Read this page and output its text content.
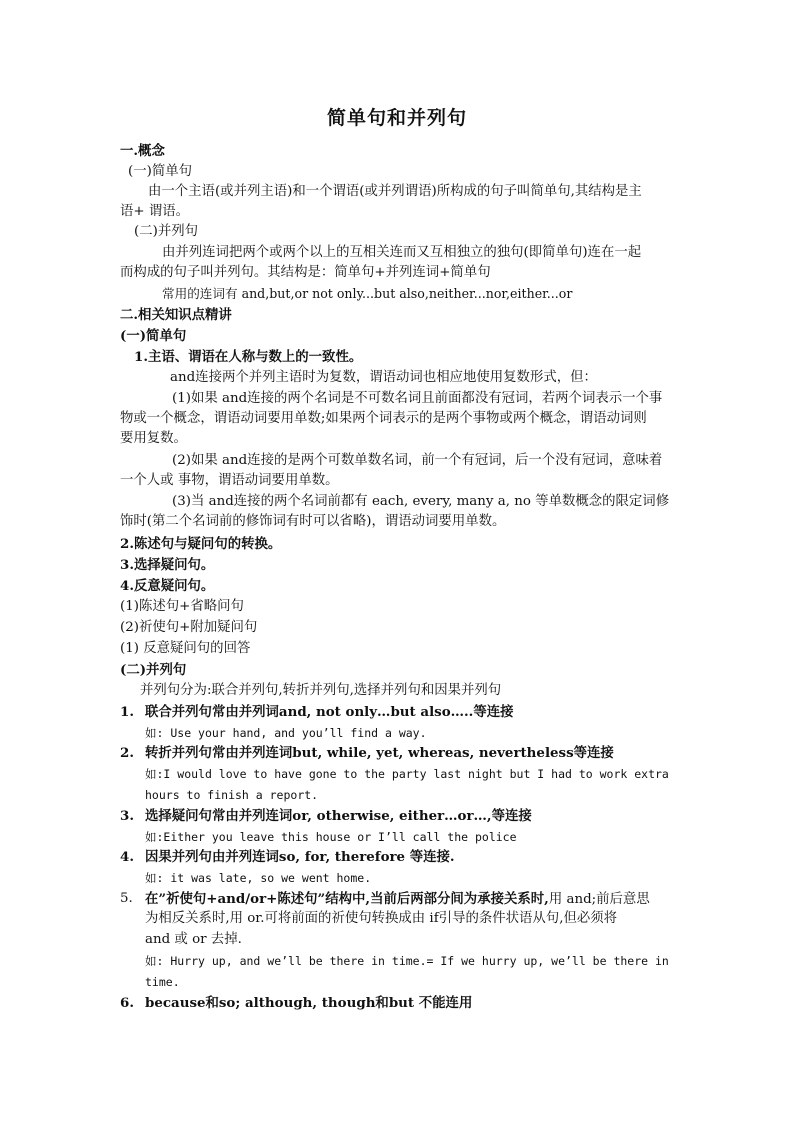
简单句和并列句
一.概念
(一)简单句
由一个主语(或并列主语)和一个谓语(或并列谓语)所构成的句子叫简单句,其结构是主
语+ 谓语。
(二)并列句
由并列连词把两个或两个以上的互相关连而又互相独立的独句(即简单句)连在一起
而构成的句子叫并列句。其结构是：简单句+并列连词+简单句
常用的连词有 and,but,or not only...but also,neither...nor,either...or
二.相关知识点精讲
(一)简单句
1.主语、谓语在人称与数上的一致性。
and连接两个并列主语时为复数，谓语动词也相应地使用复数形式，但：
(1)如果 and连接的两个名词是不可数名词且前面都没有冠词，若两个词表示一个事
物或一个概念，谓语动词要用单数;如果两个词表示的是两个事物或两个概念，谓语动词则
要用复数。
(2)如果 and连接的是两个可数单数名词，前一个有冠词，后一个没有冠词，意味着
一个人或 事物，谓语动词要用单数。
(3)当 and连接的两个名词前都有 each, every, many a, no 等单数概念的限定词修
饰时(第二个名词前的修饰词有时可以省略)，谓语动词要用单数。
2.陈述句与疑问句的转换。
3.选择疑问句。
4.反意疑问句。
(1)陈述句+省略问句
(2)祈使句+附加疑问句
(1) 反意疑问句的回答
(二)并列句
并列句分为:联合并列句,转折并列句,选择并列句和因果并列句
1. 联合并列句常由并列词and, not only…but also…..等连接
如: Use your hand, and you’ll find a way.
2. 转折并列句常由并列连词but, while, yet, whereas, nevertheless等连接
如:I would love to have gone to the party last night but I had to work extra
hours to finish a report.
3. 选择疑问句常由并列连词or, otherwise, either…or…,等连接
如:Either you leave this house or I’ll call the police
4. 因果并列句由并列连词so, for, therefore 等连接.
如: it was late, so we went home.
5. 在”祈使句+and/or+陈述句”结构中,当前后两部分间为承接关系时,用 and;前后意思
为相反关系时,用 or.可将前面的祈使句转换成由 if引导的条件状语从句,但必须将
and 或 or 去掉.
如: Hurry up, and we’ll be there in time.= If we hurry up, we’ll be there in
time.
6. because和so; although, though和but 不能连用
